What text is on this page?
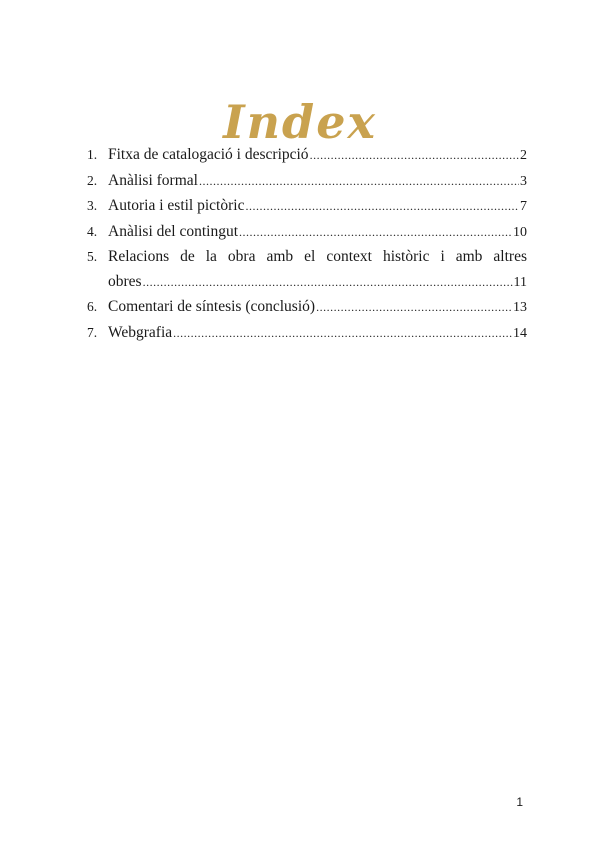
Index
1. Fitxa de catalogació i descripció .....	2
2. Anàlisi formal .....	3
3. Autoria i estil pictòric .....	7
4. Anàlisi del contingut .....	10
5. Relacions de la obra amb el context històric i amb altres
obres .....	11
6. Comentari de síntesis (conclusió) .....	13
7. Webgrafia .....	14
1
